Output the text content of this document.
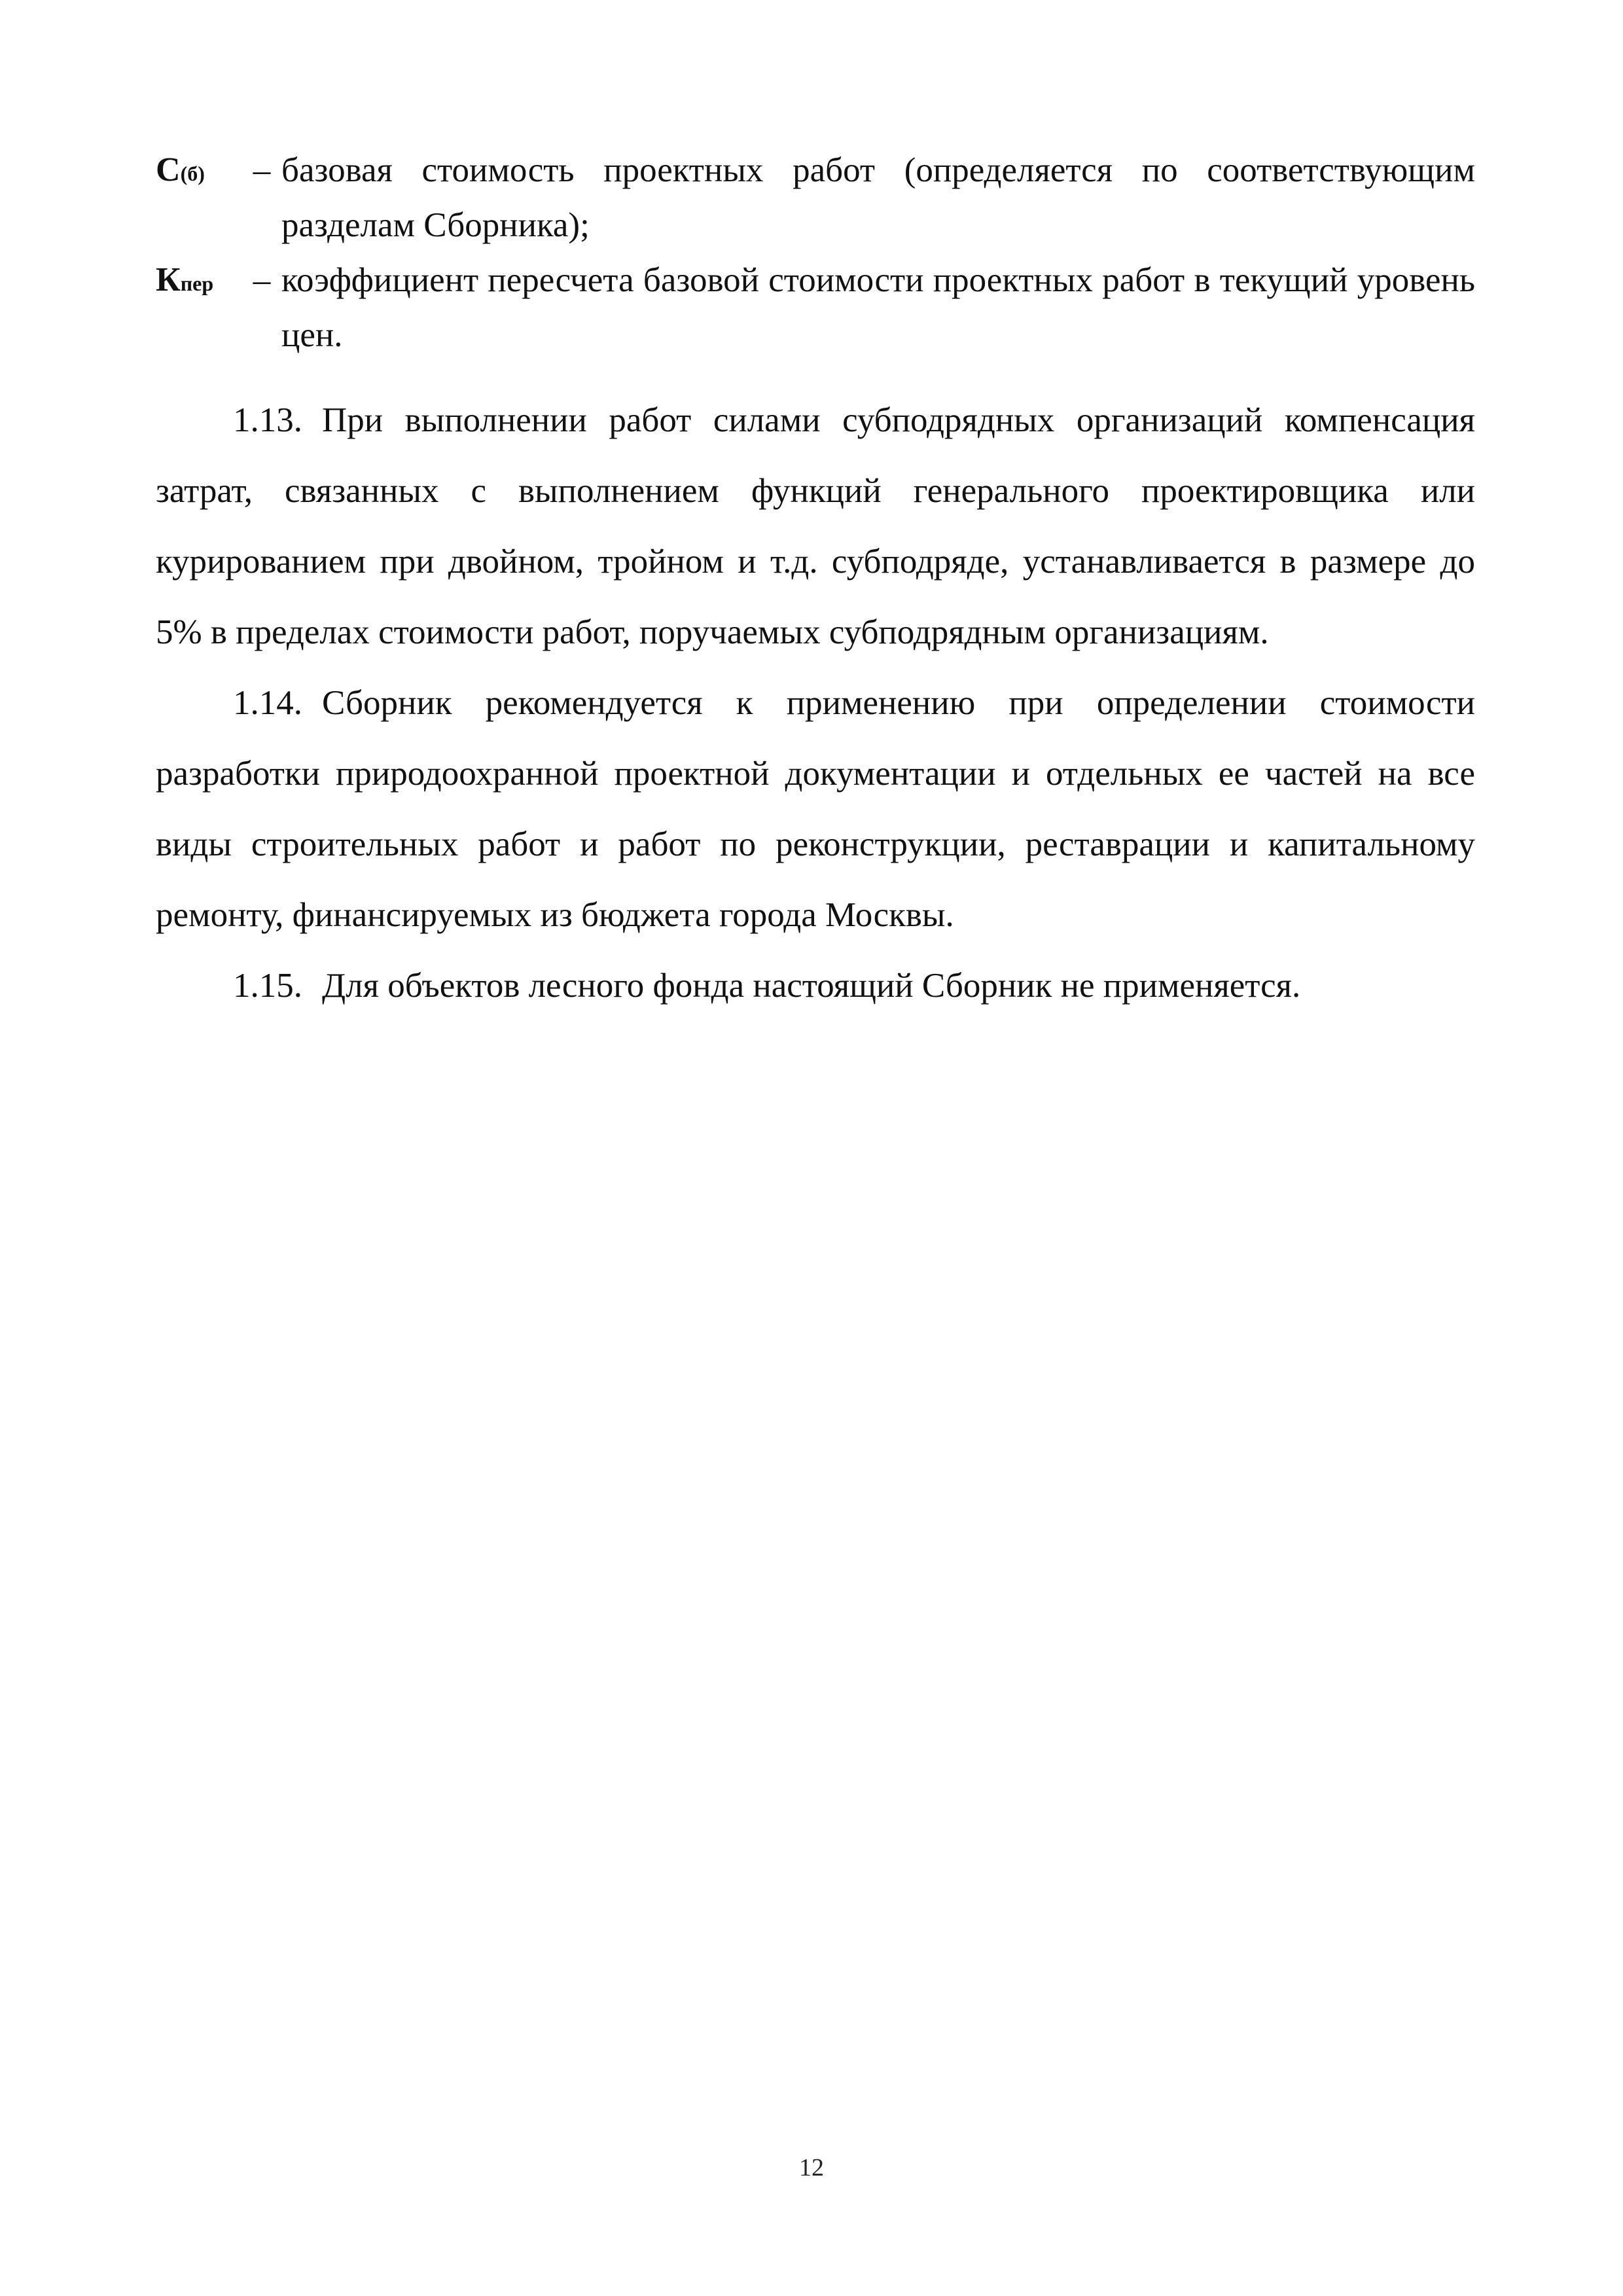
С(б)	– базовая стоимость проектных работ (определяется по соответствующим разделам Сборника);
Кпер	– коэффициент пересчета базовой стоимости проектных работ в текущий уровень цен.

1.13. При выполнении работ силами субподрядных организаций компенсация затрат, связанных с выполнением функций генерального проектировщика или курированием при двойном, тройном и т.д. субподряде, устанавливается в размере до 5% в пределах стоимости работ, поручаемых субподрядным организациям.

1.14. Сборник рекомендуется к применению при определении стоимости разработки природоохранной проектной документации и отдельных ее частей на все виды строительных работ и работ по реконструкции, реставрации и капитальному ремонту, финансируемых из бюджета города Москвы.

1.15. Для объектов лесного фонда настоящий Сборник не применяется.

12
